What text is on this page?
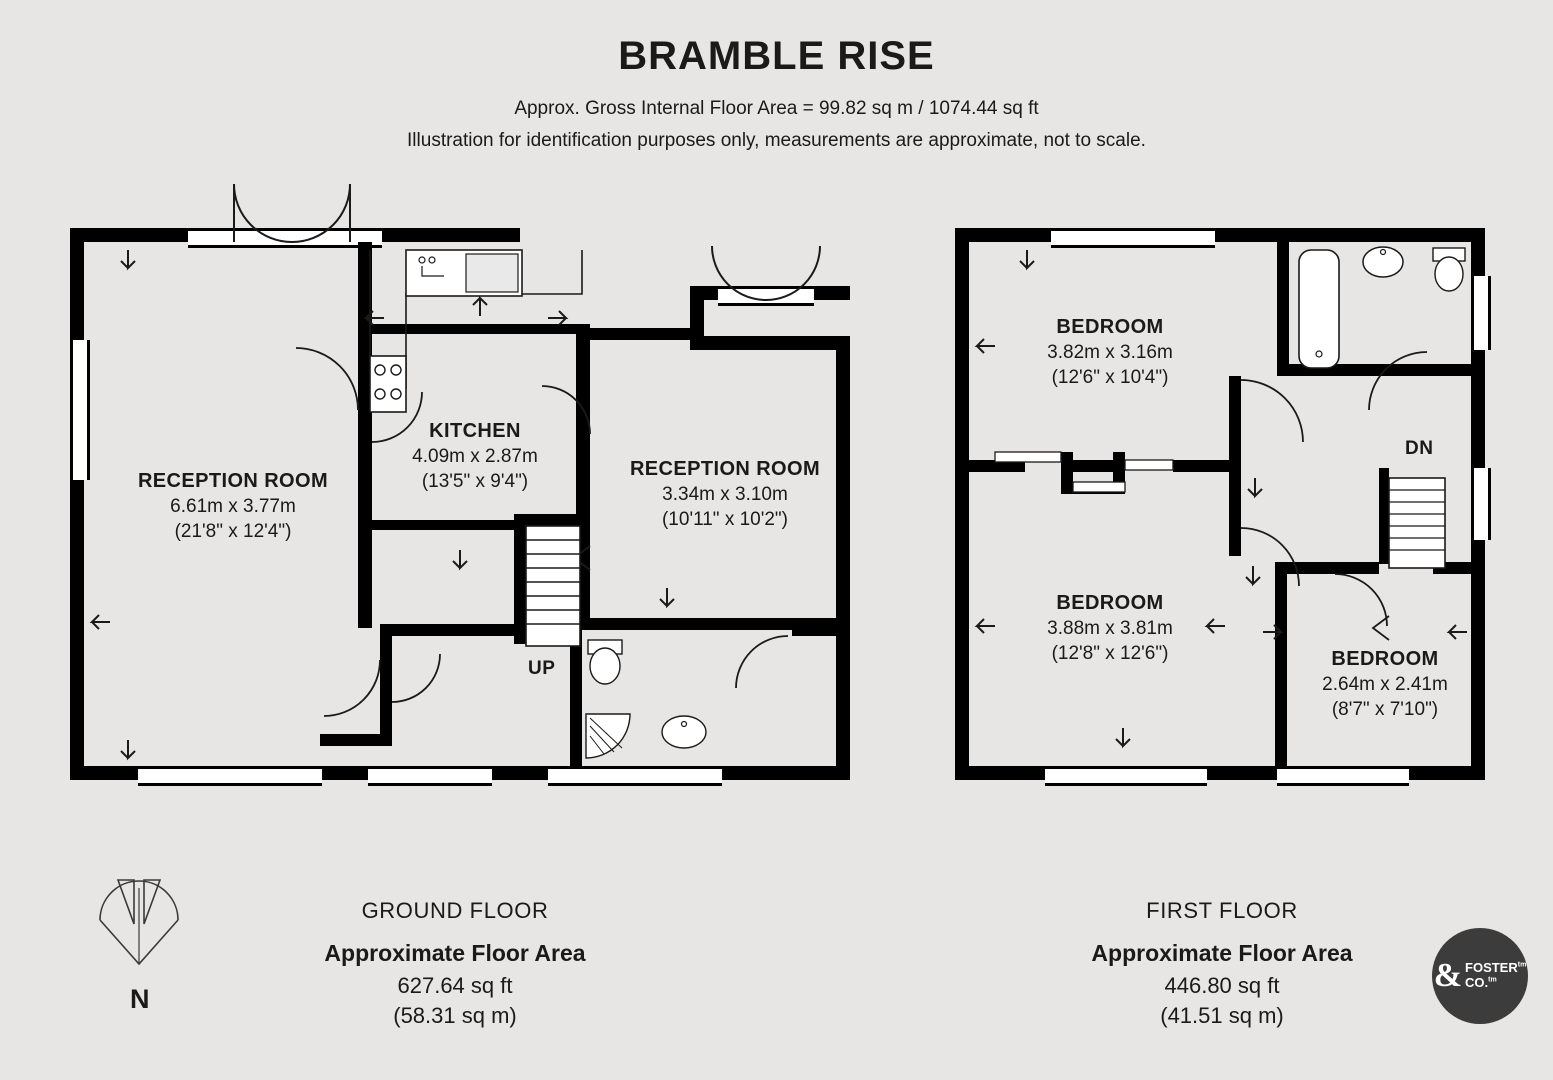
BRAMBLE RISE
Approx. Gross Internal Floor Area = 99.82 sq m / 1074.44 sq ft
Illustration for identification purposes only, measurements are approximate, not to scale.
RECEPTION ROOM
6.61m x 3.77m
(21'8" x 12'4")
KITCHEN
4.09m x 2.87m
(13'5" x 9'4")
RECEPTION ROOM
3.34m x 3.10m
(10'11" x 10'2")
UP
BEDROOM
3.82m x 3.16m
(12'6" x 10'4")
BEDROOM
3.88m x 3.81m
(12'8" x 12'6")	BEDROOM
2.64m x 2.41m
(8'7" x 7'10")
DN
GROUND FLOOR
Approximate Floor Area
627.64 sq ft
(58.31 sq m)
FIRST FLOOR
Approximate Floor Area
446.80 sq ft
(41.51 sq m)
N
& $FOSTER^{tm}$
CO.$^{tm}$
